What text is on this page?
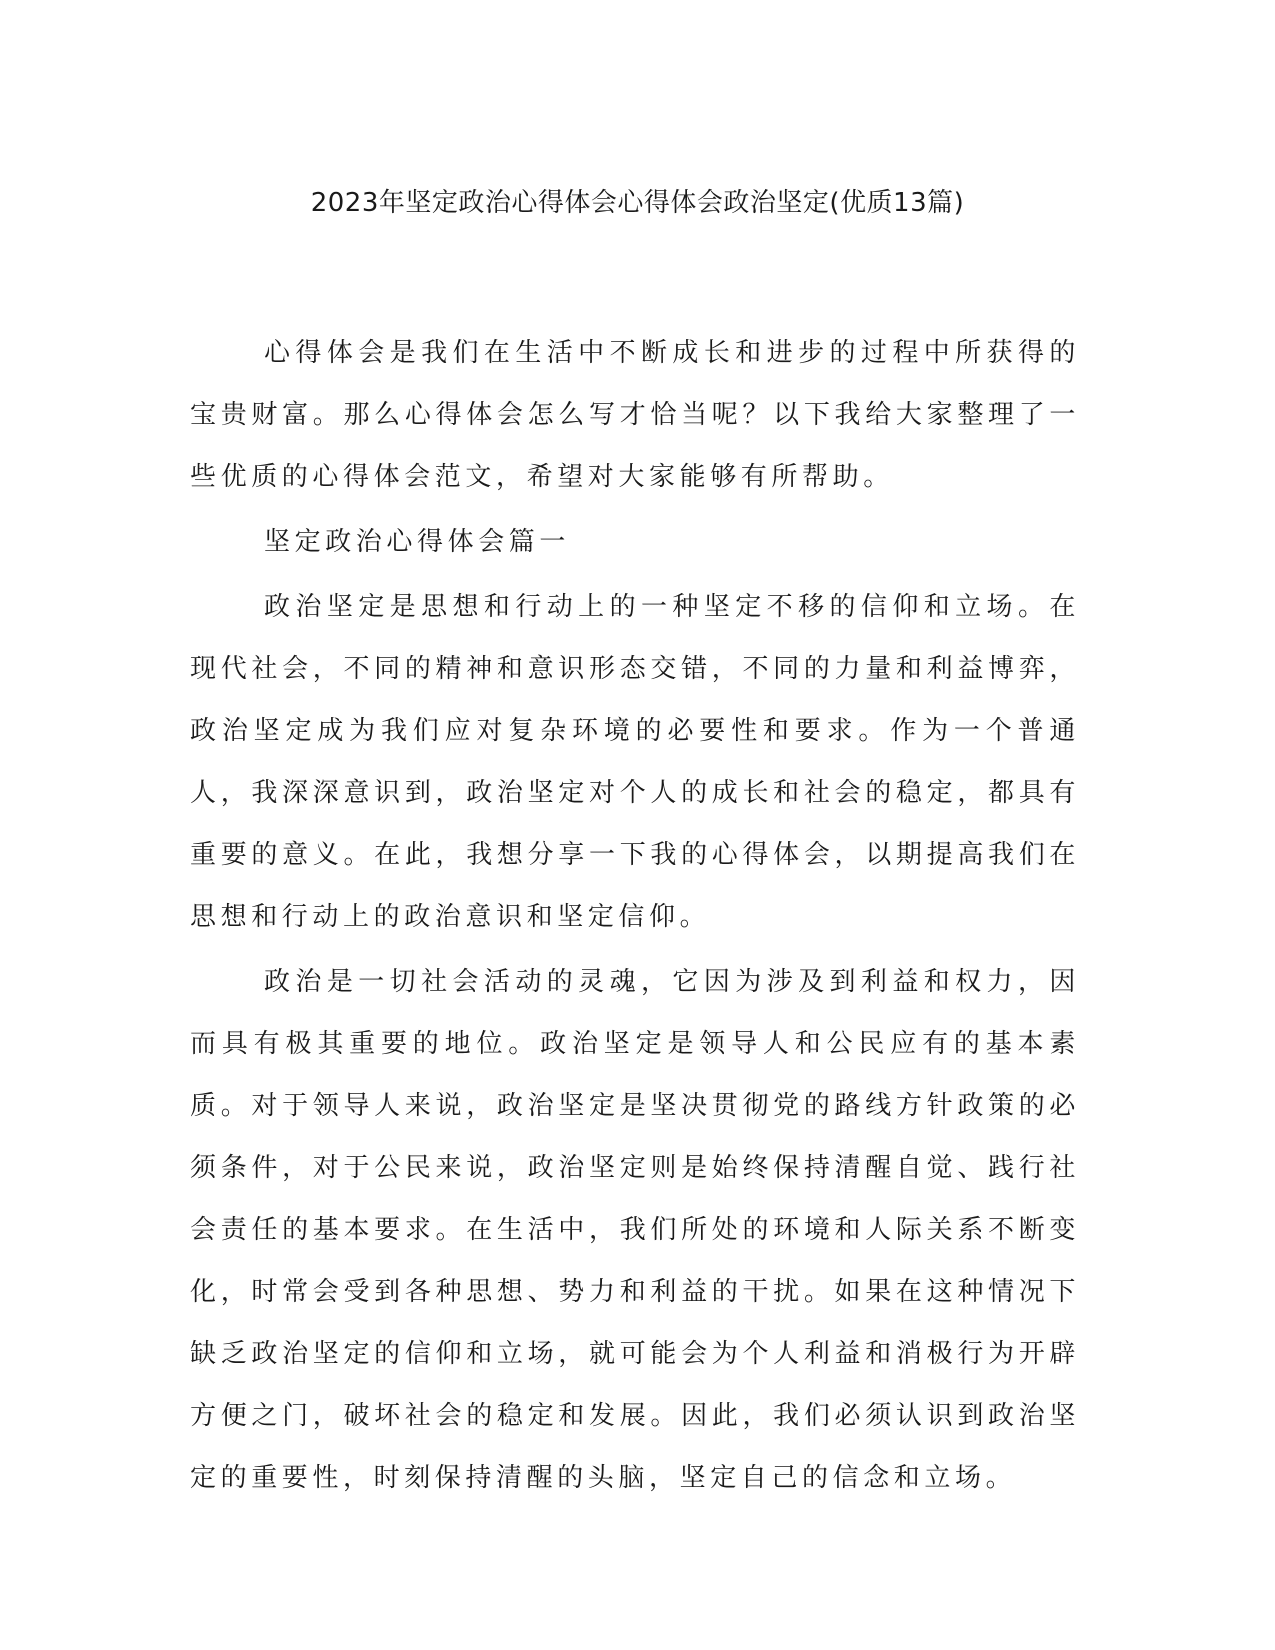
2023年坚定政治心得体会心得体会政治坚定(优质13篇)

心得体会是我们在生活中不断成长和进步的过程中所获得的宝贵财富。那么心得体会怎么写才恰当呢？以下我给大家整理了一些优质的心得体会范文，希望对大家能够有所帮助。

坚定政治心得体会篇一

政治坚定是思想和行动上的一种坚定不移的信仰和立场。在现代社会，不同的精神和意识形态交错，不同的力量和利益博弈，政治坚定成为我们应对复杂环境的必要性和要求。作为一个普通人，我深深意识到，政治坚定对个人的成长和社会的稳定，都具有重要的意义。在此，我想分享一下我的心得体会，以期提高我们在思想和行动上的政治意识和坚定信仰。

政治是一切社会活动的灵魂，它因为涉及到利益和权力，因而具有极其重要的地位。政治坚定是领导人和公民应有的基本素质。对于领导人来说，政治坚定是坚决贯彻党的路线方针政策的必须条件，对于公民来说，政治坚定则是始终保持清醒自觉、践行社会责任的基本要求。在生活中，我们所处的环境和人际关系不断变化，时常会受到各种思想、势力和利益的干扰。如果在这种情况下缺乏政治坚定的信仰和立场，就可能会为个人利益和消极行为开辟方便之门，破坏社会的稳定和发展。因此，我们必须认识到政治坚定的重要性，时刻保持清醒的头脑，坚定自己的信念和立场。
